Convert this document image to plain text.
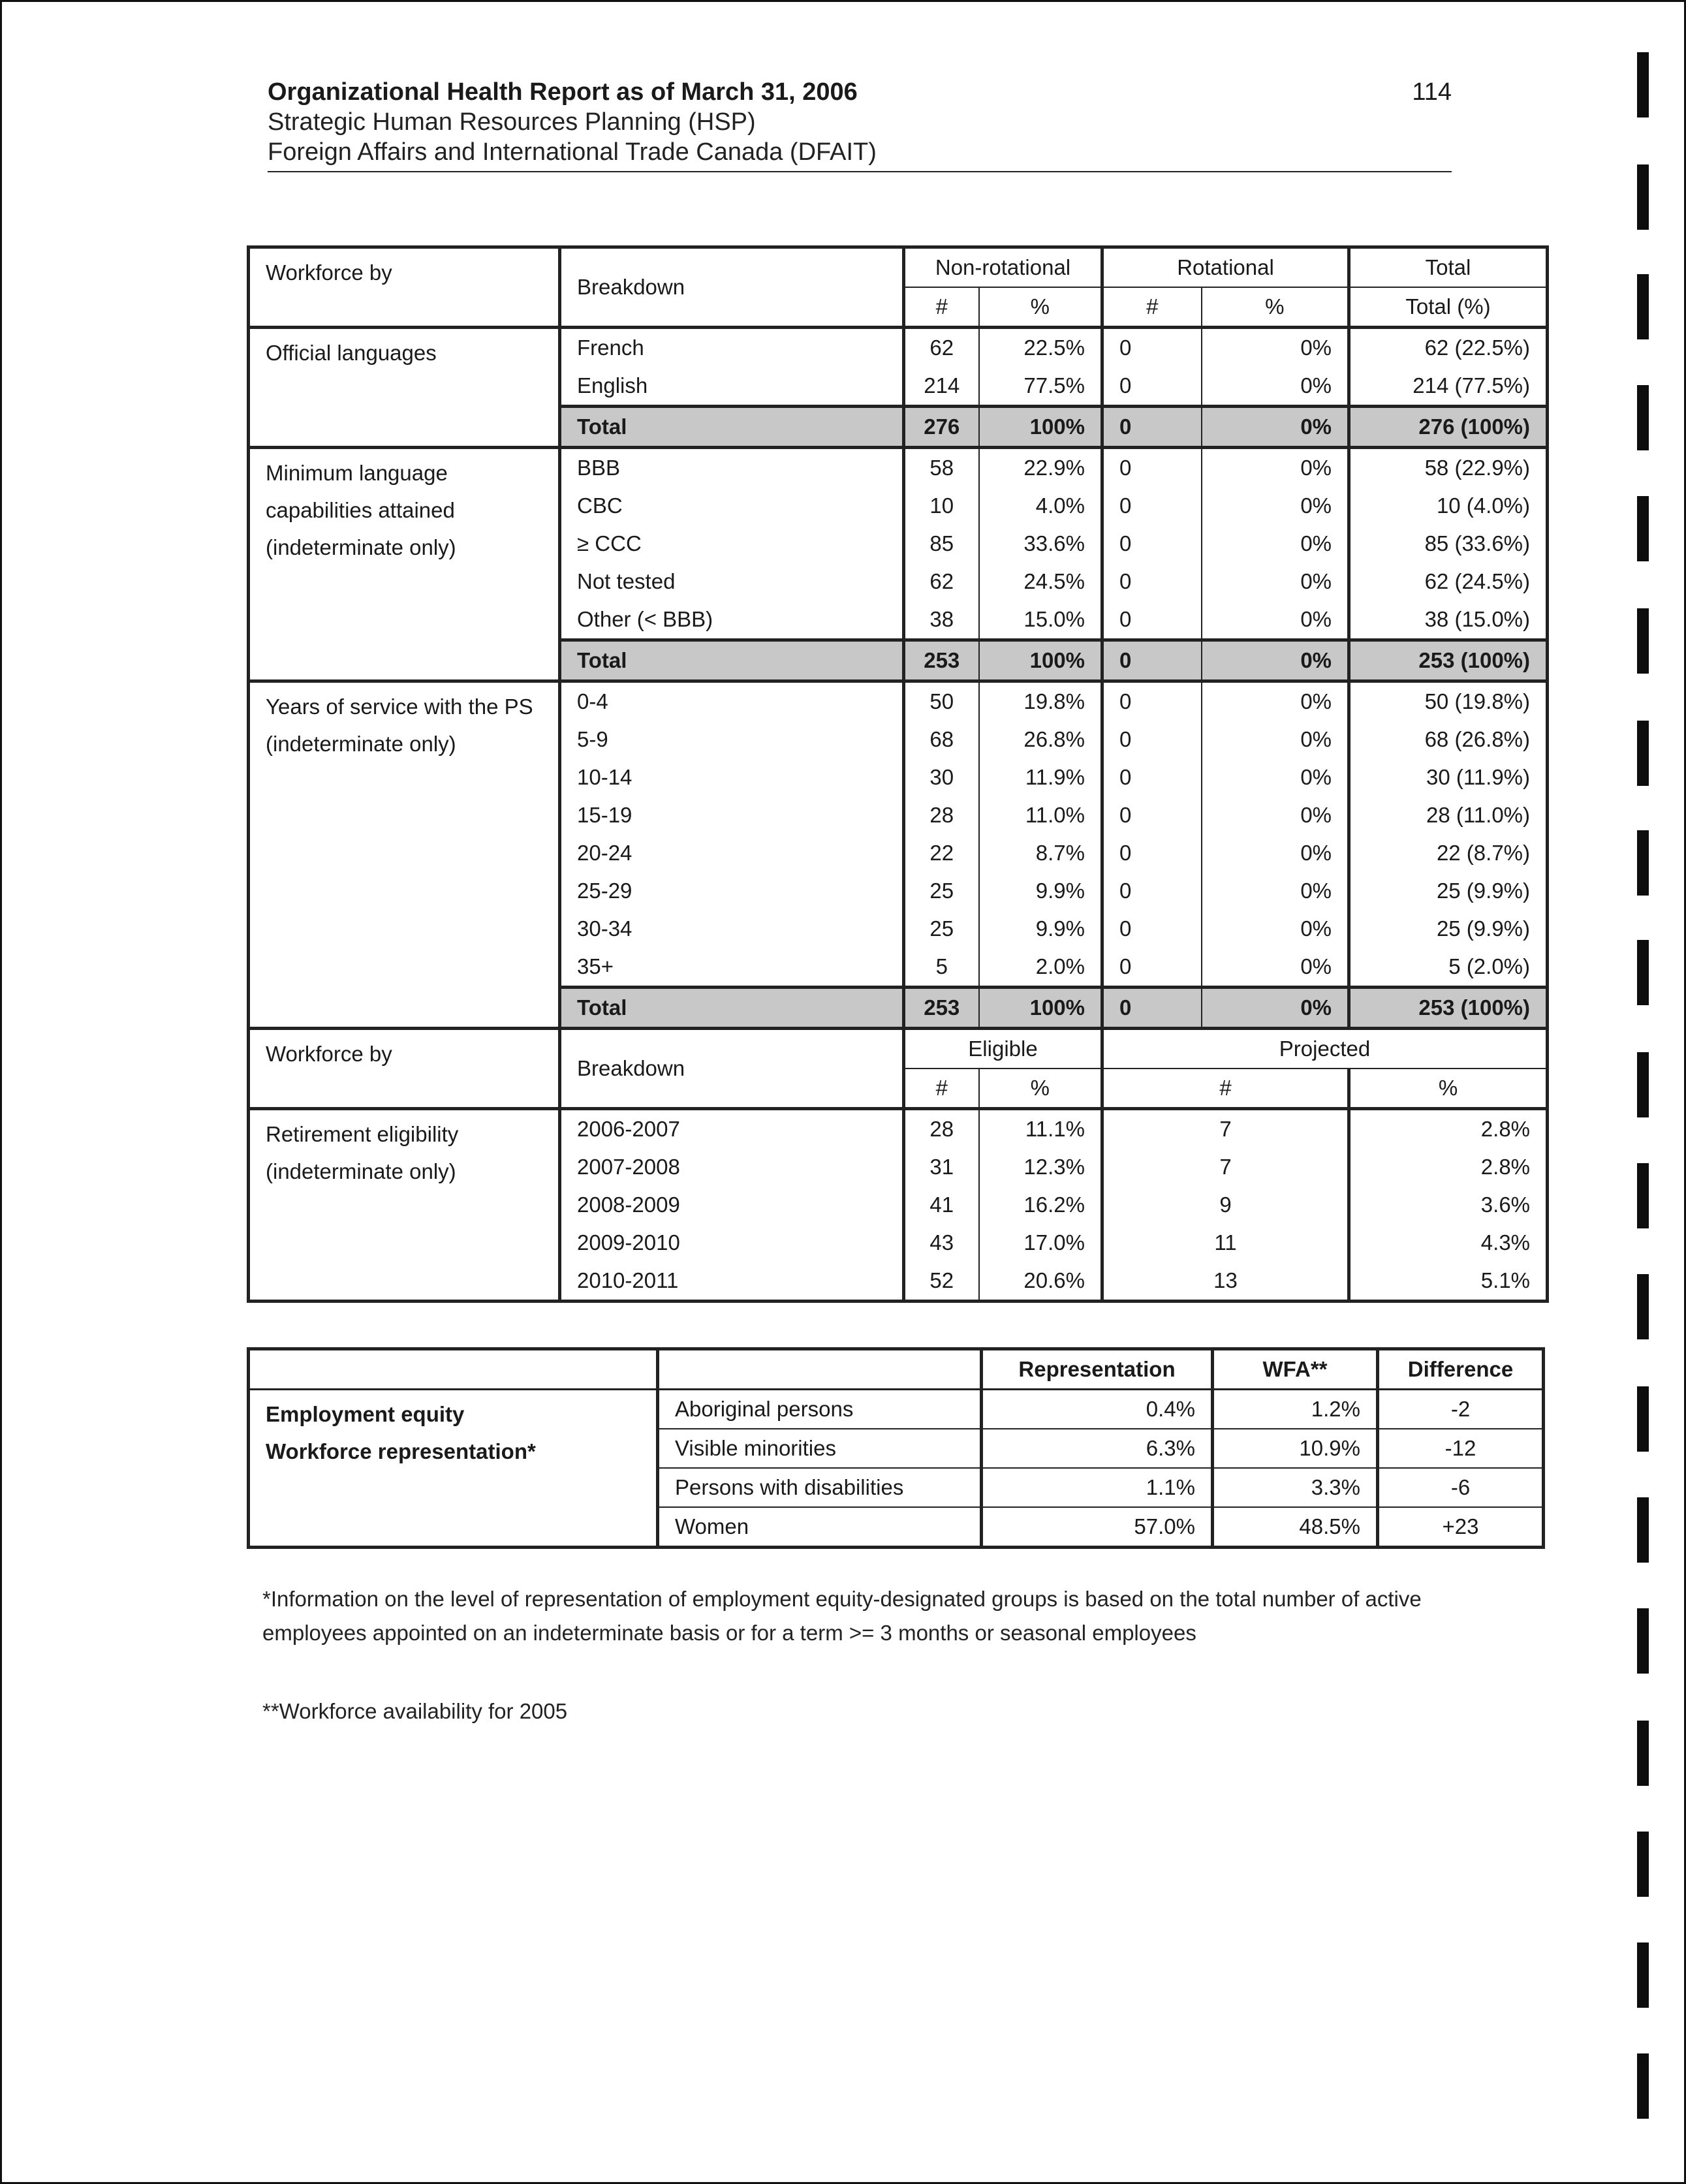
Organizational Health Report as of March 31, 2006
Strategic Human Resources Planning (HSP)
Foreign Affairs and International Trade Canada (DFAIT)
114
Workforce by	Breakdown	Non-rotational		Rotational		Total
		#	%	#	%	Total (%)

Official languages	French	62	22.5%	0	0%	62 (22.5%)
	English	214	77.5%	0	0%	214 (77.5%)
	Total	276	100%	0	0%	276 (100%)

Minimum language
capabilities attained
(indeterminate only)	BBB	58	22.9%	0	0%	58 (22.9%)
	CBC	10	4.0%	0	0%	10 (4.0%)
	≥ CCC	85	33.6%	0	0%	85 (33.6%)
	Not tested	62	24.5%	0	0%	62 (24.5%)
	Other (< BBB)	38	15.0%	0	0%	38 (15.0%)
	Total	253	100%	0	0%	253 (100%)

Years of service with the PS
(indeterminate only)	0-4	50	19.8%	0	0%	50 (19.8%)
	5-9	68	26.8%	0	0%	68 (26.8%)
	10-14	30	11.9%	0	0%	30 (11.9%)
	15-19	28	11.0%	0	0%	28 (11.0%)
	20-24	22	8.7%	0	0%	22 (8.7%)
	25-29	25	9.9%	0	0%	25 (9.9%)
	30-34	25	9.9%	0	0%	25 (9.9%)
	35+	5	2.0%	0	0%	5 (2.0%)
	Total	253	100%	0	0%	253 (100%)
Workforce by	Breakdown	Eligible		Projected		
		#	%	#		%

Retirement eligibility
(indeterminate only)	2006-2007	28	11.1%	7		2.8%
	2007-2008	31	12.3%	7		2.8%
	2008-2009	41	16.2%	9		3.6%
	2009-2010	43	17.0%	11		4.3%
	2010-2011	52	20.6%	13		5.1%
		Representation	WFA**	Difference

Employment equity
Workforce representation*	Aboriginal persons	0.4%	1.2%	-2
	Visible minorities	6.3%	10.9%	-12
	Persons with disabilities	1.1%	3.3%	-6
	Women	57.0%	48.5%	+23
*Information on the level of representation of employment equity-designated groups is based on the total number of active employees appointed on an indeterminate basis or for a term >= 3 months or seasonal employees
**Workforce availability for 2005
